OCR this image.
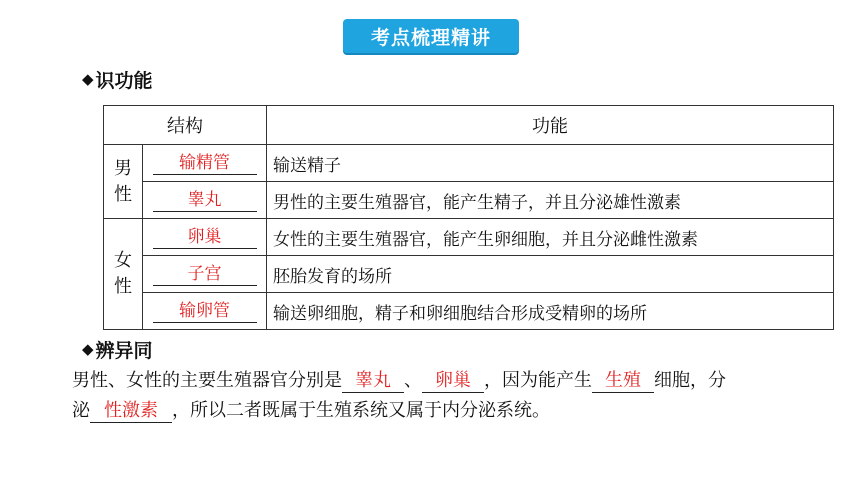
考点梳理精讲
◆ 识功能
结构		功能
男
性	输精管	输送精子
	睾丸	男性的主要生殖器官，能产生精子，并且分泌雄性激素
女
性	卵巢	女性的主要生殖器官，能产生卵细胞，并且分泌雌性激素
	子宫	胚胎发育的场所
	输卵管	输送卵细胞，精子和卵细胞结合形成受精卵的场所
◆ 辨异同
男性、女性的主要生殖器官分别是 睾丸 、 卵巢 ，因为能产生 生殖 细胞，分
泌 性激素 ，所以二者既属于生殖系统又属于内分泌系统。
